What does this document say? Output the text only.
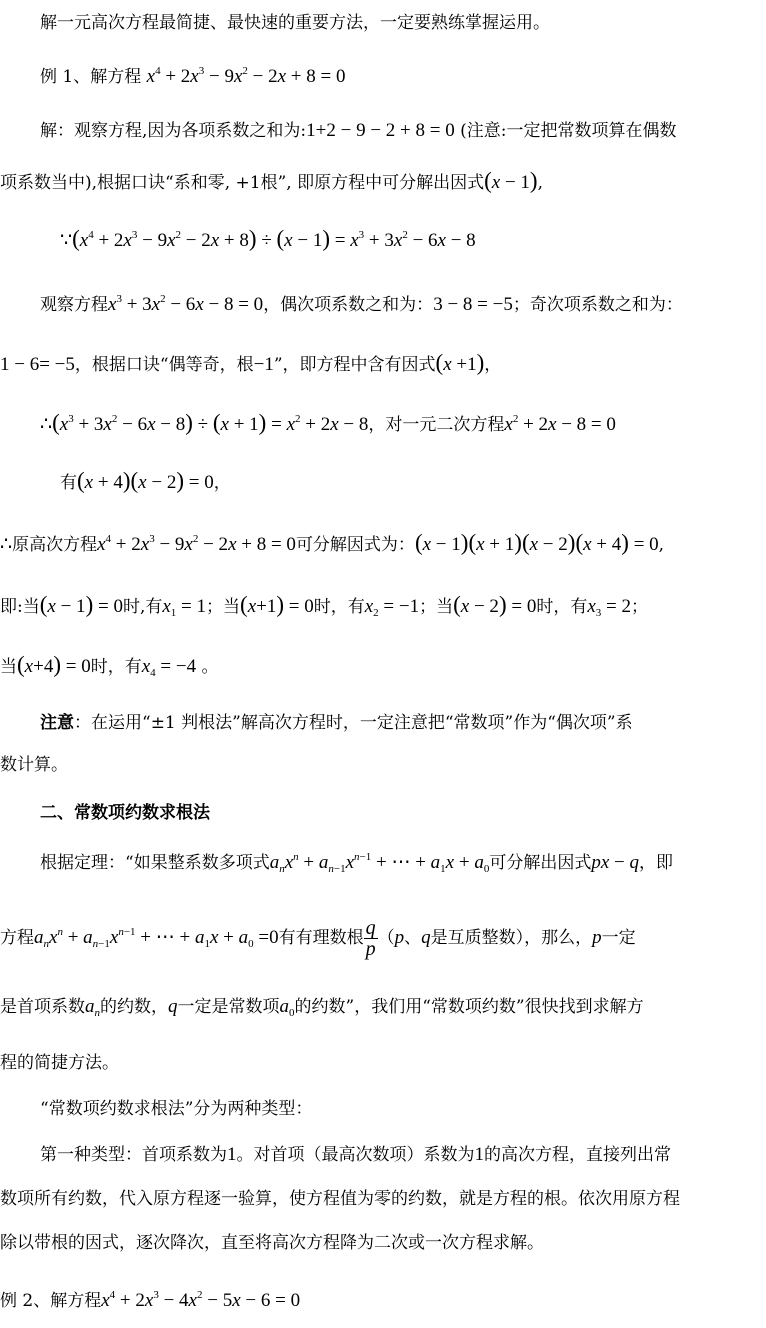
解一元高次方程最简捷、最快速的重要方法，一定要熟练掌握运用。
例 1、解方程 $x^4 + 2x^3 - 9x^2 - 2x + 8 = 0$
解：观察方程,因为各项系数之和为:1+2 − 9 − 2 + 8 = 0 (注意:一定把常数项算在偶数
项系数当中),根据口诀“系和零, +1根”, 即原方程中可分解出因式(x − 1),
$\because(x^4 + 2x^3 - 9x^2 - 2x + 8) \div (x - 1) = x^3 + 3x^2 - 6x - 8$
观察方程$x^3 + 3x^2 - 6x - 8 = 0$，偶次项系数之和为：3 − 8 = −5；奇次项系数之和为：
1 − 6= −5，根据口诀“偶等奇，根−1”，即方程中含有因式(x +1)，
$\therefore(x^3 + 3x^2 - 6x - 8) \div (x + 1) = x^2 + 2x - 8$，对一元二次方程$x^2 + 2x - 8 = 0$
有(x + 4)(x − 2) = 0，
∴原高次方程$x^4 + 2x^3 - 9x^2 - 2x + 8 = 0$可分解因式为：(x − 1)(x + 1)(x − 2)(x + 4) = 0,
即:当(x − 1) = 0时,有$x_1 = 1$；当(x+1) = 0时，有$x_2 = -1$；当(x − 2) = 0时，有$x_3 = 2$；
当(x+4) = 0时，有$x_4 = -4$ 。
注意：在运用“±1 判根法”解高次方程时，一定注意把“常数项”作为“偶次项”系
数计算。
二、常数项约数求根法
根据定理：“如果整系数多项式$a_nx^n + a_{n-1}x^{n-1}$ + ⋯ + $a_1x + a_0$可分解出因式px − q，即
方程$a_nx^n + a_{n-1}x^{n-1}$ + ⋯ + $a_1x + a_0 =0$有有理数根 $\frac{q}{p} (p$、q是互质整数），那么，p一定
是首项系数$a_n$的约数，q一定是常数项$a_0$的约数”，我们用“常数项约数”很快找到求解方
程的简捷方法。
“常数项约数求根法”分为两种类型：
第一种类型：首项系数为1。对首项（最高次数项）系数为1的高次方程，直接列出常
数项所有约数，代入原方程逐一验算，使方程值为零的约数，就是方程的根。依次用原方程
除以带根的因式，逐次降次，直至将高次方程降为二次或一次方程求解。
例 2、解方程$x^4 + 2x^3 - 4x^2 - 5x - 6 = 0$
